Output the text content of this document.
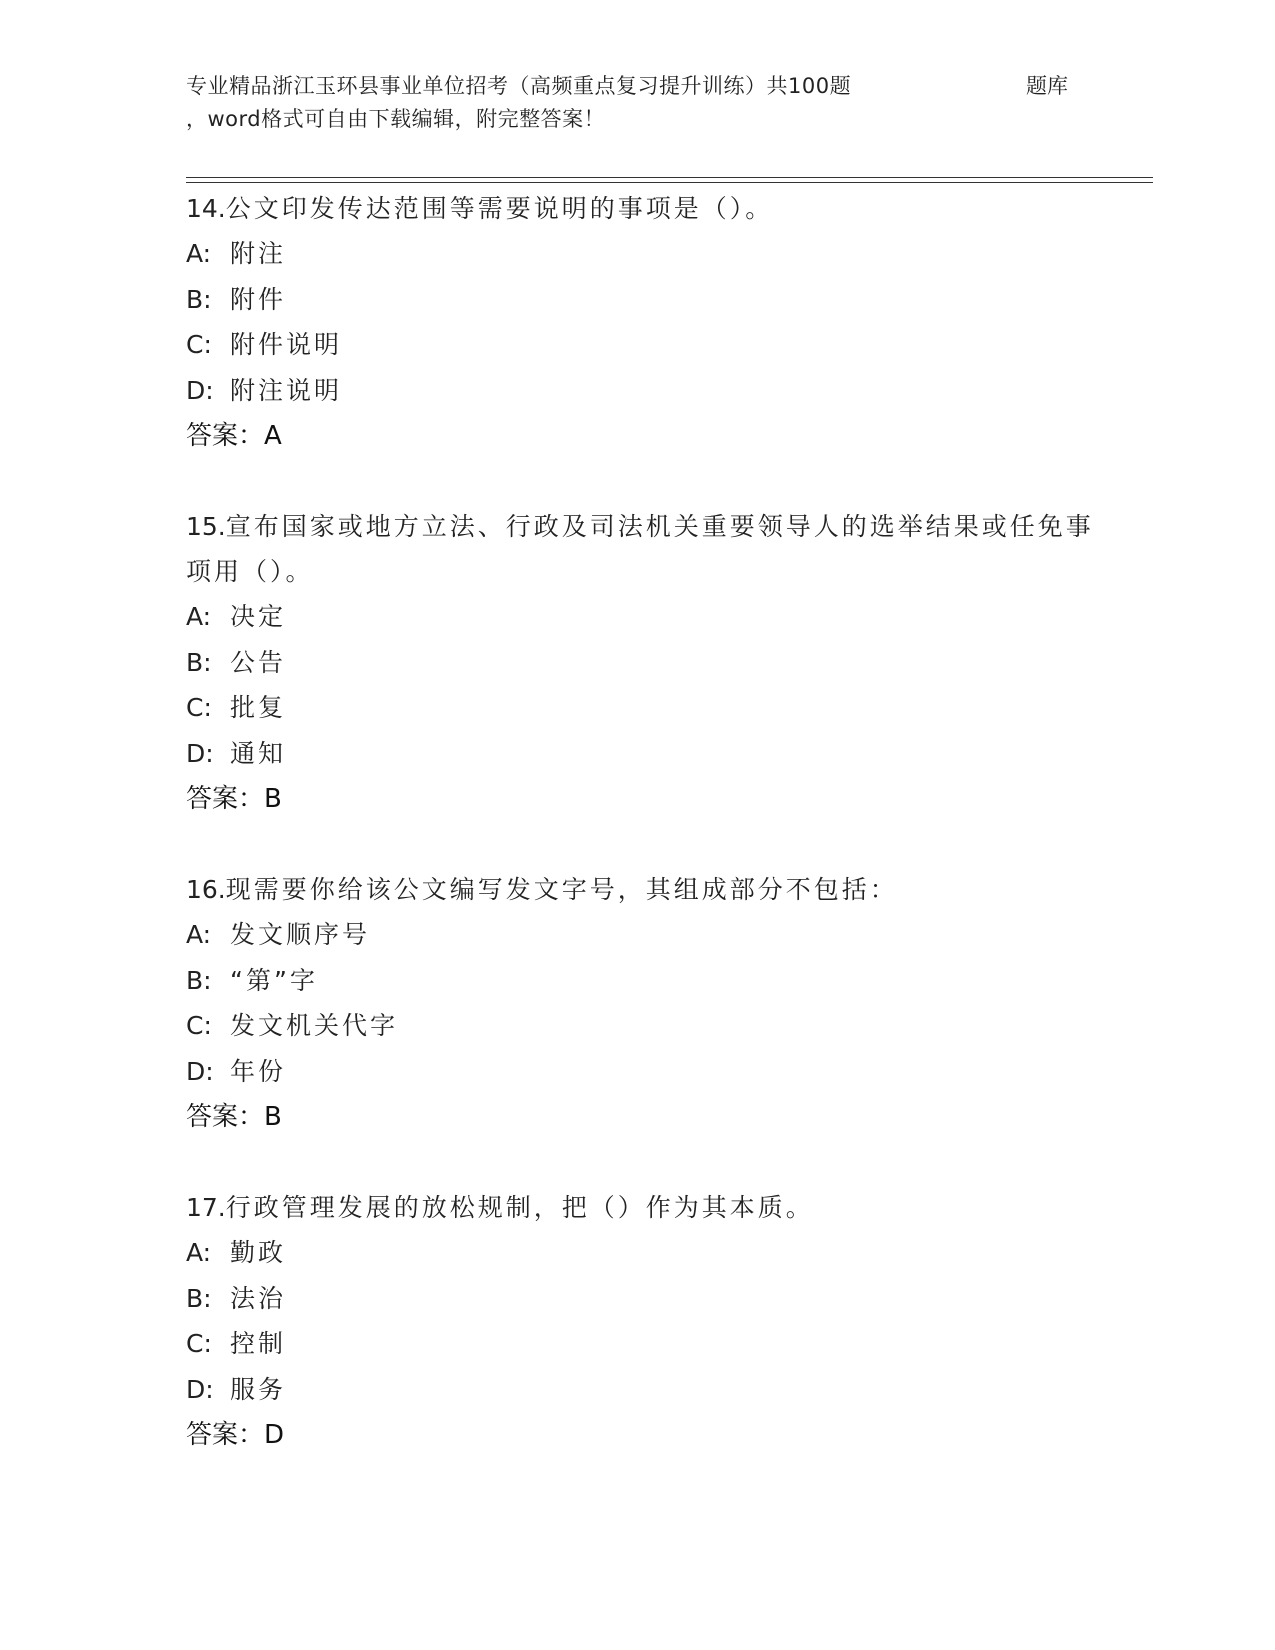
专业精品浙江玉环县事业单位招考（高频重点复习提升训练）共100题	题库
，word格式可自由下载编辑，附完整答案！
14.公文印发传达范围等需要说明的事项是（）。
A: 附注
B: 附件
C: 附件说明
D: 附注说明
答案：A
15.宣布国家或地方立法、行政及司法机关重要领导人的选举结果或任免事项用（）。
A: 决定
B: 公告
C: 批复
D: 通知
答案：B
16.现需要你给该公文编写发文字号，其组成部分不包括：
A: 发文顺序号
B: “第”字
C: 发文机关代字
D: 年份
答案：B
17.行政管理发展的放松规制，把（）作为其本质。
A: 勤政
B: 法治
C: 控制
D: 服务
答案：D
